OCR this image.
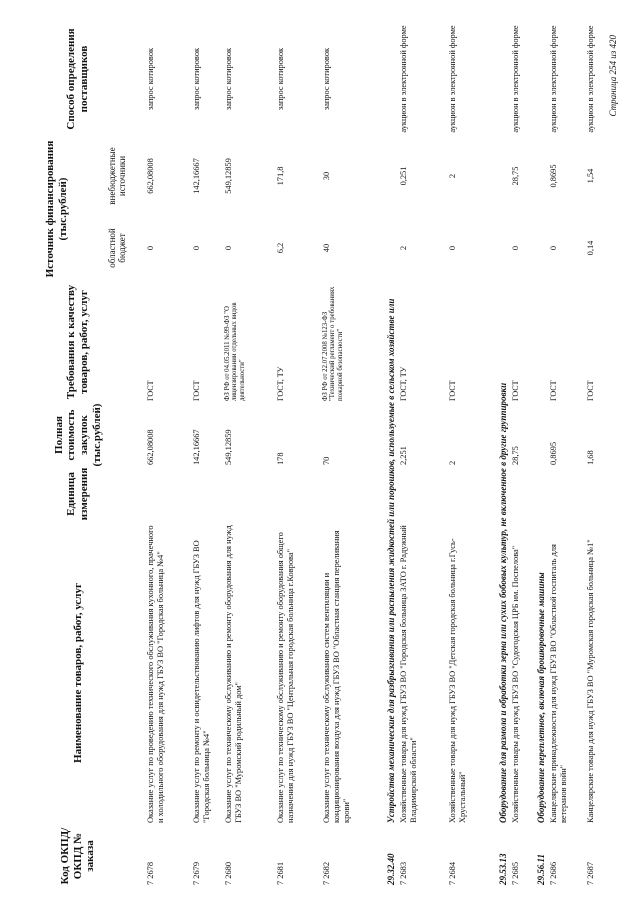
Код ОКПД/ ОКПД № заказа
Наименование товаров, работ, услуг
Единица измерения
Полная стоимость закупок (тыс.рублей)
Требования к качеству товаров, работ, услуг
Источник финансирования (тыс.рублей)
областной бюджет
внебюджетные источники
Способ определения поставщиков
7 2678
Оказание услуг по проведению технического обслуживания кухонного, прачечного и холодильного оборудования для нужд ГБУЗ ВО "Городская больница №4"
662,08008
ГОСТ
0
662,08008
запрос котировок
7 2679
Оказание услуг по ремонту и освидетельствованию лифтов для нужд ГБУЗ ВО "Городская больница №4"
142,16667
ГОСТ
0
142,16667
запрос котировок
7 2680
Оказание услуг по техническому обслуживанию и ремонту оборудования для нужд ГБУЗ ВО "Муромский родильный дом"
549,12859
ФЗ РФ от 04.05.2011 №99-ФЗ "О лицензировании отдельных видов деятельности"
0
549,12859
запрос котировок
7 2681
Оказание услуг по техническому обслуживанию и ремонту оборудования общего назначения для нужд ГБУЗ ВО "Центральная городская больница г.Коврова"
178
ГОСТ, ТУ
6,2
171,8
запрос котировок
7 2682
Оказание услуг по техническому обслуживанию систем вентиляции и кондиционирования воздуха для нужд ГБУЗ ВО "Областная станция переливания крови"
70
ФЗ РФ от 22.07.2008 №123-ФЗ "Технический регламент о требованиях пожарной безопасности"
40
30
запрос котировок
29.32.40Устройства механические для разбрызгивания или распыления жидкостей или порошков, используемые в сельском хозяйстве или
7 2683
Хозяйственные товары для нужд ГБУЗ ВО "Городская больница ЗАТО г. Радужный Владимирской области"
2,251
ГОСТ, ТУ
2
0,251
аукцион в электронной форме
7 2684
Хозяйственные товары для нужд ГБУЗ ВО "Детская городская больница г.Гусь-Хрустальный"
2
ГОСТ
0
2
аукцион в электронной форме
29.53.13Оборудование для размола и обработки зерна или сухих бобовых культур, не включенное в другие группировки
7 2685
Хозяйственные товары для нужд ГБУЗ ВО "Судогодская ЦРБ им. Поспелова"
28,75
ГОСТ
0
28,75
аукцион в электронной форме
29.56.11Оборудование переплетное, включая брошюровочные машины
7 2686
Канцелярские принадлежности для нужд ГБУЗ ВО "Областной госпиталь для ветеранов войн"
0,8695
ГОСТ
0
0,8695
аукцион в электронной форме
7 2687
Канцелярские товары для нужд ГБУЗ ВО "Муромская городская больница №1"
1,68
ГОСТ
0,14
1,54
аукцион в электронной форме Страница 254 из 420
